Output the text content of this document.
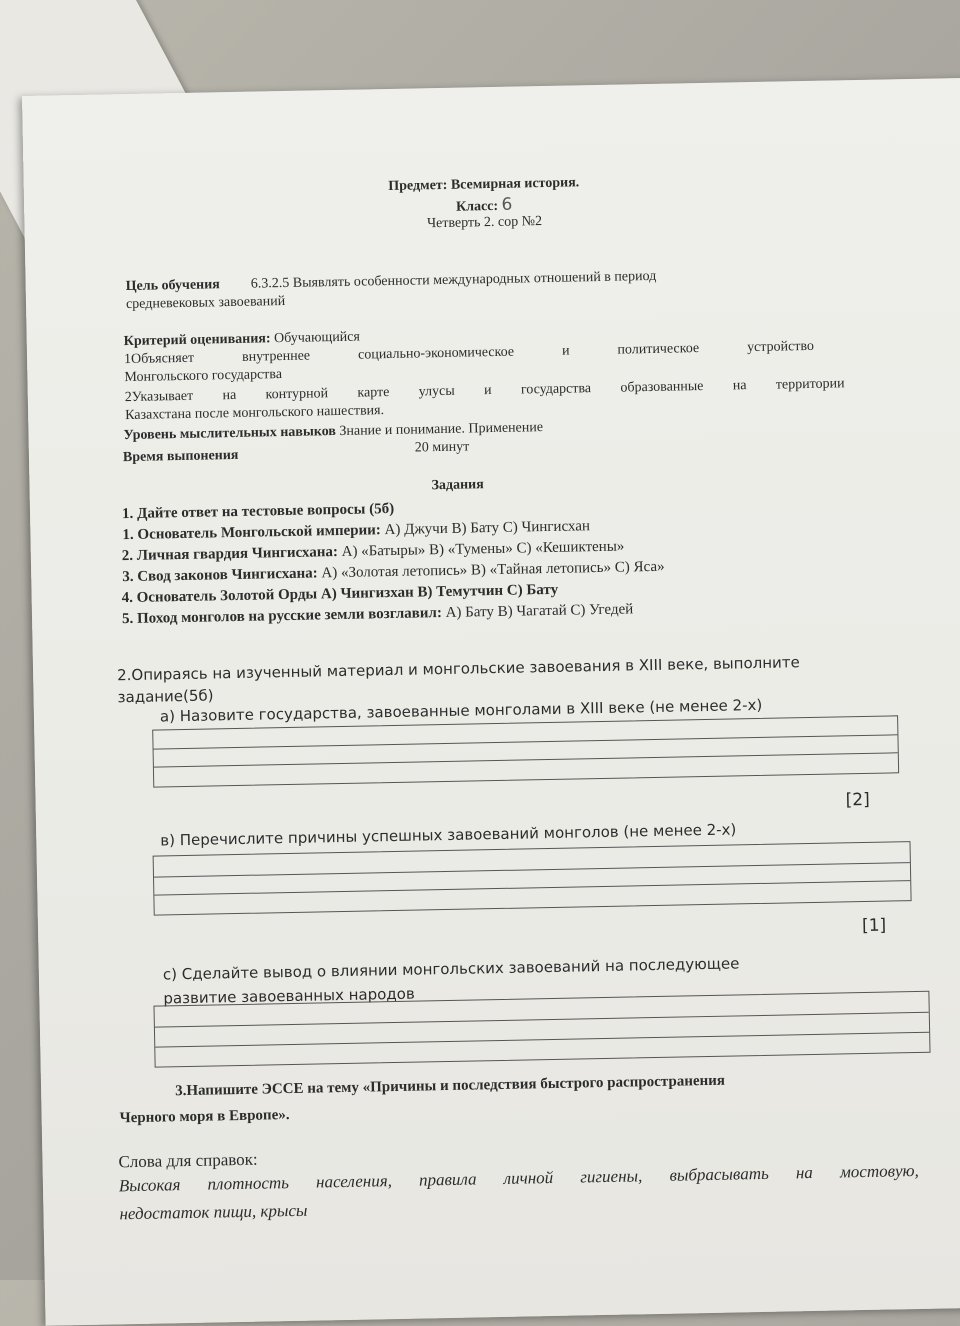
Предмет: Всемирная история.
Класс: 6
Четверть 2. сор №2
Цель обучения 6.3.2.5 Выявлять особенности международных отношений в период
средневековых завоеваний
Критерий оценивания: Обучающийся
1Объясняет	внутреннее	социально-экономическое	и	политическое	устройство
Монгольского государства
2Указывает на контурной карте улусы и государства образованные на территории
Казахстана после монгольского нашествия.
Уровень мыслительных навыков Знание и понимание. Применение
Время выпонения
20 минут
Задания
1. Дайте ответ на тестовые вопросы (5б)
1. Основатель Монгольской империи: А) Джучи В) Бату С) Чингисхан
2. Личная гвардия Чингисхана: А) «Батыры» В) «Тумены» С) «Кешиктены»
3. Свод законов Чингисхана: А) «Золотая летопись» В) «Тайная летопись» С) Яса»
4. Основатель Золотой Орды А) Чингизхан В) Темутчин С) Бату
5. Поход монголов на русские земли возглавил: А) Бату В) Чагатай С) Угедей
2.Опираясь на изученный материал и монгольские завоевания в XIII веке, выполните
задание(5б)
а) Назовите государства, завоеванные монголами в XIII веке (не менее 2-х)
[2]
в) Перечислите причины успешных завоеваний монголов (не менее 2-х)
[1]
с) Сделайте вывод о влиянии монгольских завоеваний на последующее
развитие завоеванных народов
3.Напишите ЭССЕ на тему «Причины и последствия быстрого распространения
Черного моря в Европе».
Слова для справок:
Высокая плотность населения, правила личной гигиены, выбрасывать на мостовую,
недостаток пищи, крысы
